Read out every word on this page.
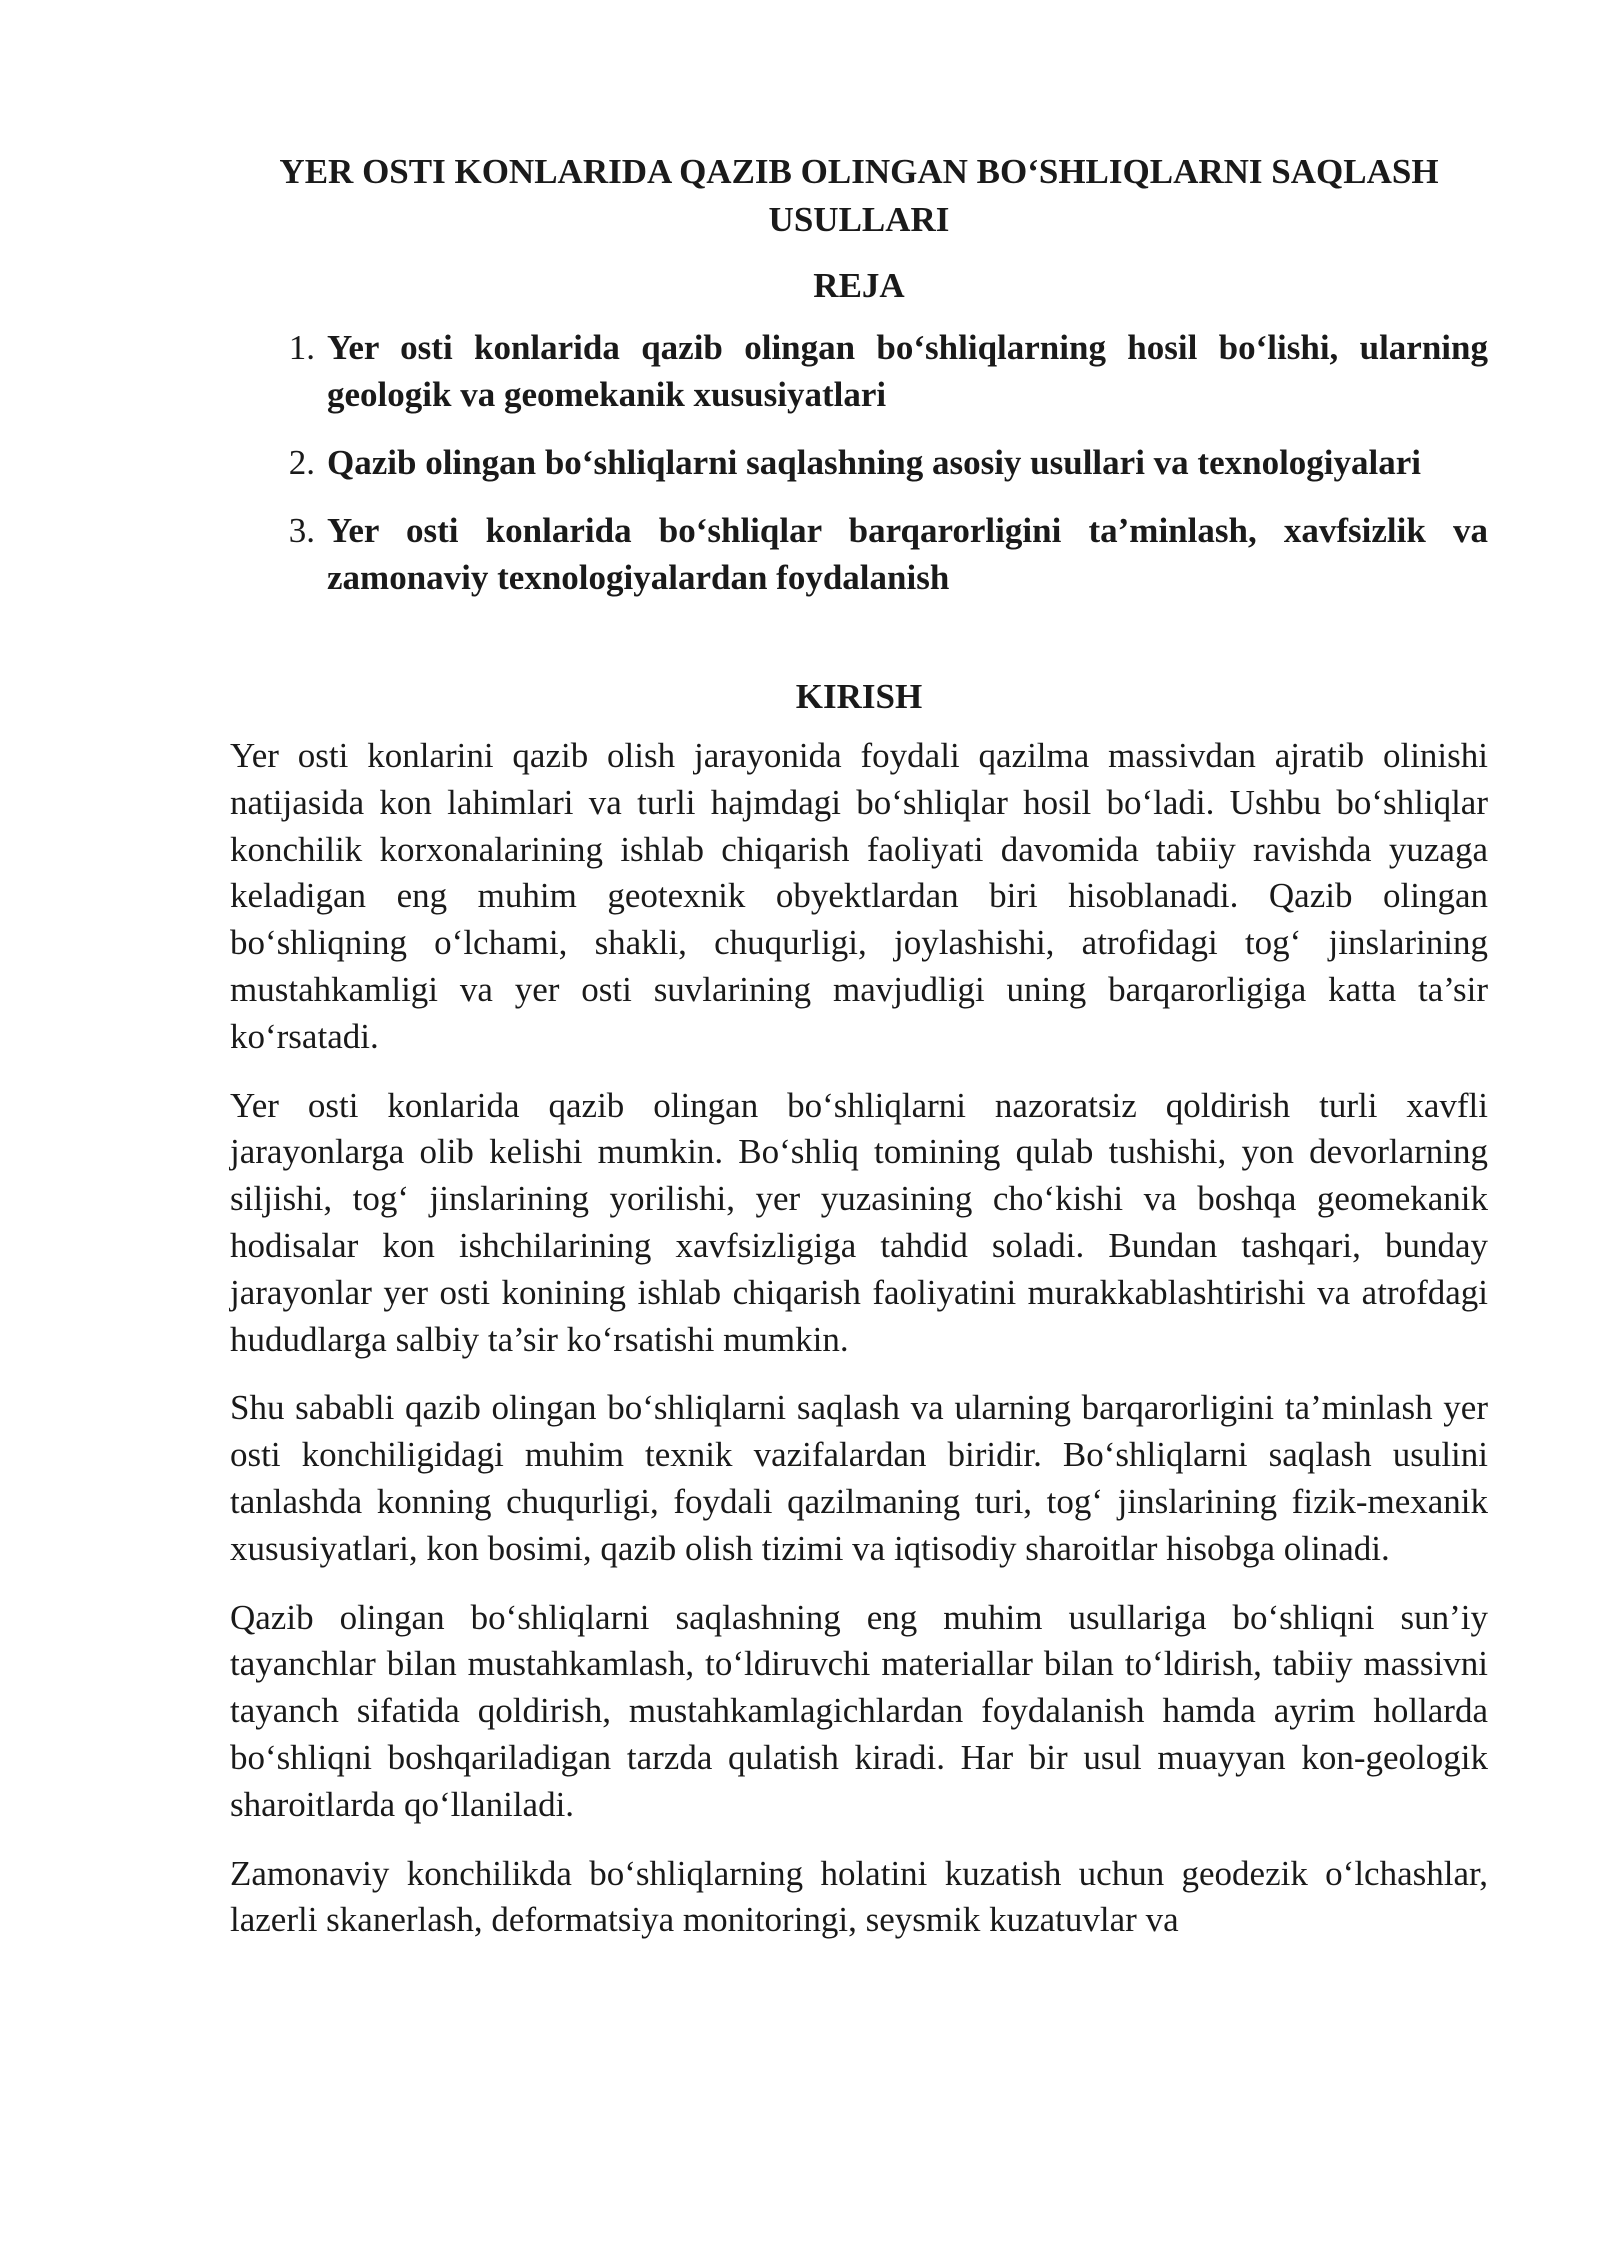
YER OSTI KONLARIDA QAZIB OLINGAN BO‘SHLIQLARNI SAQLASH USULLARI
REJA
1. Yer osti konlarida qazib olingan bo‘shliqlarning hosil bo‘lishi, ularning geologik va geomekanik xususiyatlari
2. Qazib olingan bo‘shliqlarni saqlashning asosiy usullari va texnologiyalari
3. Yer osti konlarida bo‘shliqlar barqarorligini ta’minlash, xavfsizlik va zamonaviy texnologiyalardan foydalanish
KIRISH

Yer osti konlarini qazib olish jarayonida foydali qazilma massivdan ajratib olinishi natijasida kon lahimlari va turli hajmdagi bo‘shliqlar hosil bo‘ladi. Ushbu bo‘shliqlar konchilik korxonalarining ishlab chiqarish faoliyati davomida tabiiy ravishda yuzaga keladigan eng muhim geotexnik obyektlardan biri hisoblanadi. Qazib olingan bo‘shliqning o‘lchami, shakli, chuqurligi, joylashishi, atrofidagi tog‘ jinslarining mustahkamligi va yer osti suvlarining mavjudligi uning barqarorligiga katta ta’sir ko‘rsatadi.

Yer osti konlarida qazib olingan bo‘shliqlarni nazoratsiz qoldirish turli xavfli jarayonlarga olib kelishi mumkin. Bo‘shliq tomining qulab tushishi, yon devorlarning siljishi, tog‘ jinslarining yorilishi, yer yuzasining cho‘kishi va boshqa geomekanik hodisalar kon ishchilarining xavfsizligiga tahdid soladi. Bundan tashqari, bunday jarayonlar yer osti konining ishlab chiqarish faoliyatini murakkablashtirishi va atrofdagi hududlarga salbiy ta’sir ko‘rsatishi mumkin.

Shu sababli qazib olingan bo‘shliqlarni saqlash va ularning barqarorligini ta’minlash yer osti konchiligidagi muhim texnik vazifalardan biridir. Bo‘shliqlarni saqlash usulini tanlashda konning chuqurligi, foydali qazilmaning turi, tog‘ jinslarining fizik-mexanik xususiyatlari, kon bosimi, qazib olish tizimi va iqtisodiy sharoitlar hisobga olinadi.

Qazib olingan bo‘shliqlarni saqlashning eng muhim usullariga bo‘shliqni sun’iy tayanchlar bilan mustahkamlash, to‘ldiruvchi materiallar bilan to‘ldirish, tabiiy massivni tayanch sifatida qoldirish, mustahkamlagichlardan foydalanish hamda ayrim hollarda bo‘shliqni boshqariladigan tarzda qulatish kiradi. Har bir usul muayyan kon-geologik sharoitlarda qo‘llaniladi.

Zamonaviy konchilikda bo‘shliqlarning holatini kuzatish uchun geodezik o‘lchashlar, lazerli skanerlash, deformatsiya monitoringi, seysmik kuzatuvlar va
